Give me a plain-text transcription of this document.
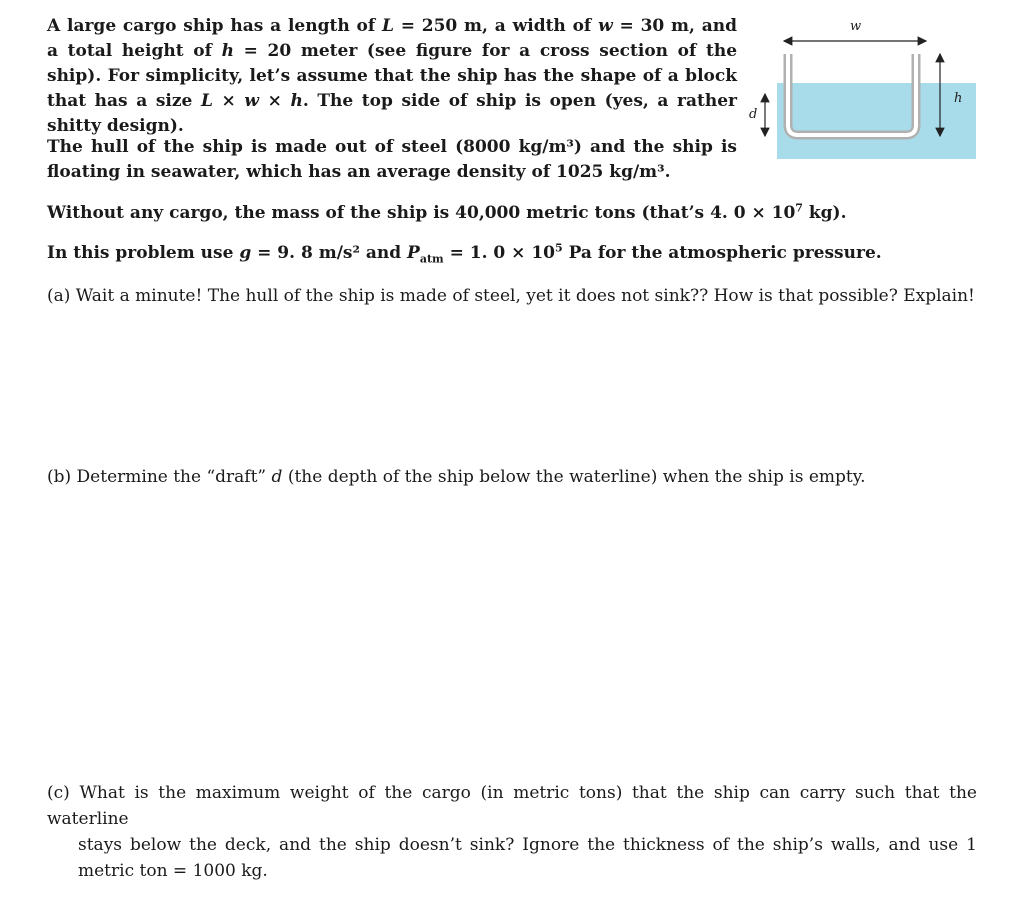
A large cargo ship has a length of L = 250 m, a width of w = 30 m, and a total height of h = 20 meter (see figure for a cross section of the ship). For simplicity, let’s assume that the ship has the shape of a block that has a size L × w × h. The top side of ship is open (yes, a rather shitty design).
The hull of the ship is made out of steel (8000 kg/m³) and the ship is floating in seawater, which has an average density of 1025 kg/m³.
Without any cargo, the mass of the ship is 40,000 metric tons (that’s 4. $0 \times 10^7$ kg).
In this problem use g = 9. 8 m/s² and $P_{atm} = 1$. $0 \times 10^5$ Pa for the atmospheric pressure.
(a) Wait a minute! The hull of the ship is made of steel, yet it does not sink?? How is that possible? Explain!
(b) Determine the “draft” d (the depth of the ship below the waterline) when the ship is empty.
(c) What is the maximum weight of the cargo (in metric tons) that the ship can carry such that the waterline
stays below the deck, and the ship doesn’t sink? Ignore the thickness of the ship’s walls, and use 1 metric ton = 1000 kg.
w
h
d
